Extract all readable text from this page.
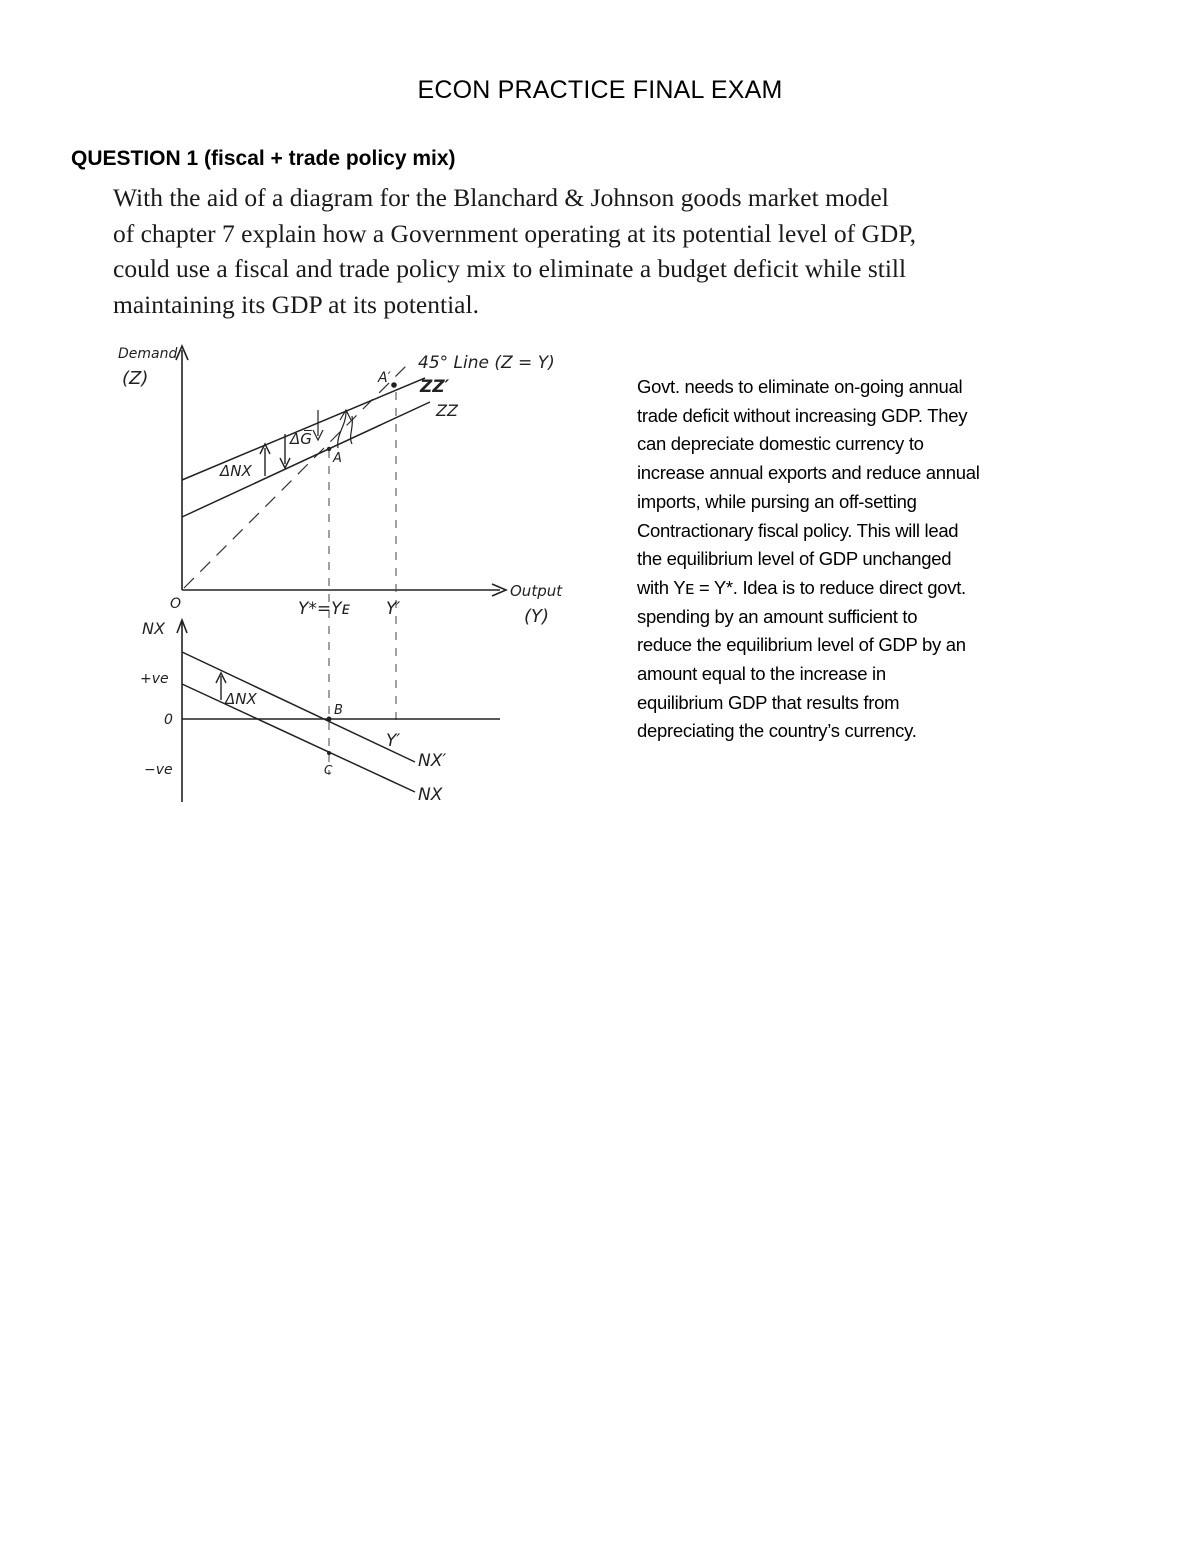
ECON PRACTICE FINAL EXAM
QUESTION 1 (fiscal + trade policy mix)
With the aid of a diagram for the Blanchard & Johnson goods market model
of chapter 7 explain how a Government operating at its potential level of GDP,
could use a fiscal and trade policy mix to eliminate a budget deficit while still
maintaining its GDP at its potential.
Demand
(Z)
O
45° Line (Z = Y)
ZZ′
ZZ
A′
A
ΔNX
ΔG̅
Output
(Y)
Y*=Yᴇ Y′
NX
+ve
0
−ve
ΔNX
B
C
Y′
NX′
NX
Govt. needs to eliminate on-going annual
trade deficit without increasing GDP. They
can depreciate domestic currency to
increase annual exports and reduce annual
imports, while pursing an off-setting
Contractionary fiscal policy. This will lead
the equilibrium level of GDP unchanged
with Yᴇ = Y*. Idea is to reduce direct govt.
spending by an amount sufficient to
reduce the equilibrium level of GDP by an
amount equal to the increase in
equilibrium GDP that results from
depreciating the country’s currency.
